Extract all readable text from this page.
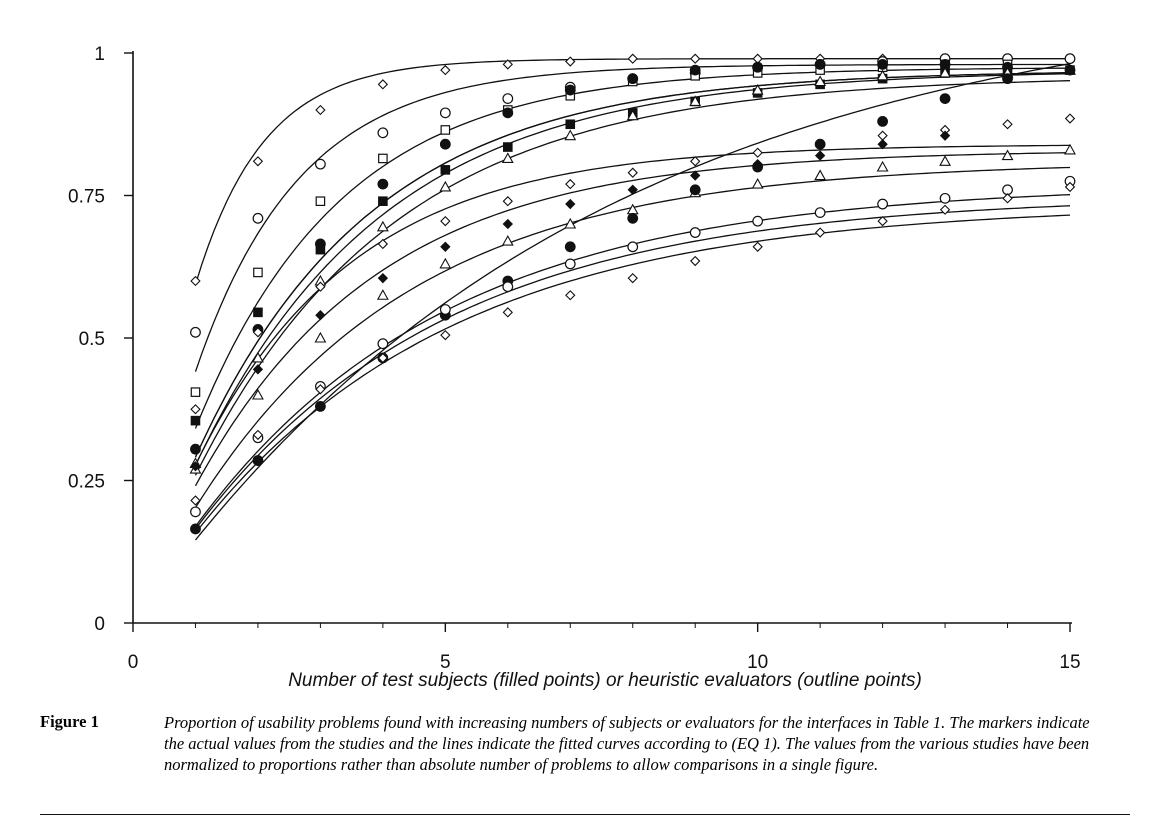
0	5	10	15
0
0.25
0.5
0.75
1
Number of test subjects (filled points) or heuristic evaluators (outline points)
Figure 1	Proportion of usability problems found with increasing numbers of subjects or evaluators for the interfaces in Table 1. The markers indicate the actual values from the studies and the lines indicate the fitted curves according to (EQ 1). The values from the various studies have been normalized to proportions rather than absolute number of problems to allow comparisons in a single figure.
